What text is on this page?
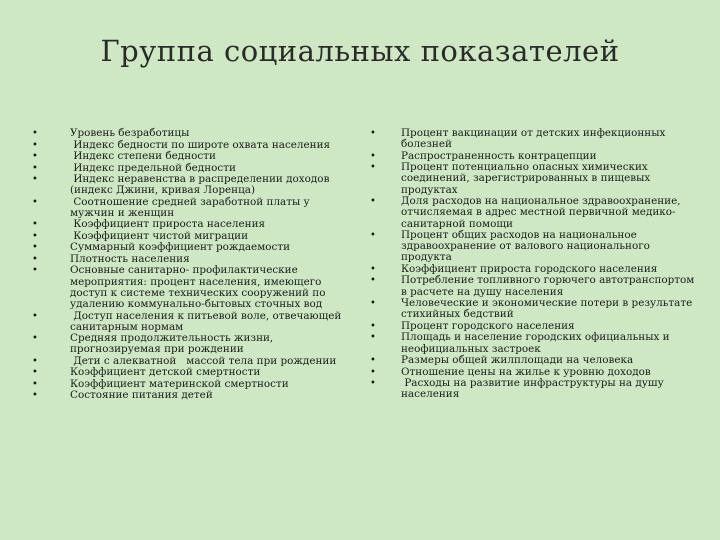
Группа социальных показателей
•	Уровень безработицы
•	Индекс бедности по широте охвата населения
•	Индекс степени бедности
•	Индекс предельной бедности
•	Индекс неравенства в распределении доходов (индекс Джини, кривая Лоренца)
•	Соотношение средней заработной платы у мужчин и женщин
•	Коэффициент прироста населения
•	Коэффициент чистой миграции
•	Суммарный коэффициент рождаемости
•	Плотность населения
•	Основные санитарно- профилактические мероприятия: процент населения, имеющего доступ к системе технических сооружений по удалению коммунально-бытовых сточных вод
•	Доступ населения к питьевой воле, отвечающей санитарным нормам
•	Средняя продолжительность жизни, прогнозируемая при рождении
•	Дети с алекватной   массой тела при рождении
•	Коэффициент детской смертности
•	Коэффициент материнской смертности
•	Состояние питания детей
• Процент вакцинации от детских инфекционных болезней
• Распространенность контрацепции
• Процент потенциально опасных химических соединений, зарегистрированных в пищевых продуктах
• Доля расходов на национальное здравоохранение, отчисляемая в адрес местной первичной медико-санитарной помощи
• Процент общих расходов на национальное здравоохранение от валового национального продукта
• Коэффициент прироста городского населения
• Потребление топливного горючего автотранспортом в расчете на душу населения
• Человеческие и экономические потери в результате стихийных бедствий
• Процент городского населения
• Площадь и население городских официальных и неофициальных застроек
• Размеры общей жилплощади на человека
• Отношение цены на жилье к уровню доходов
• Расходы на развитие инфраструктуры на душу населения
